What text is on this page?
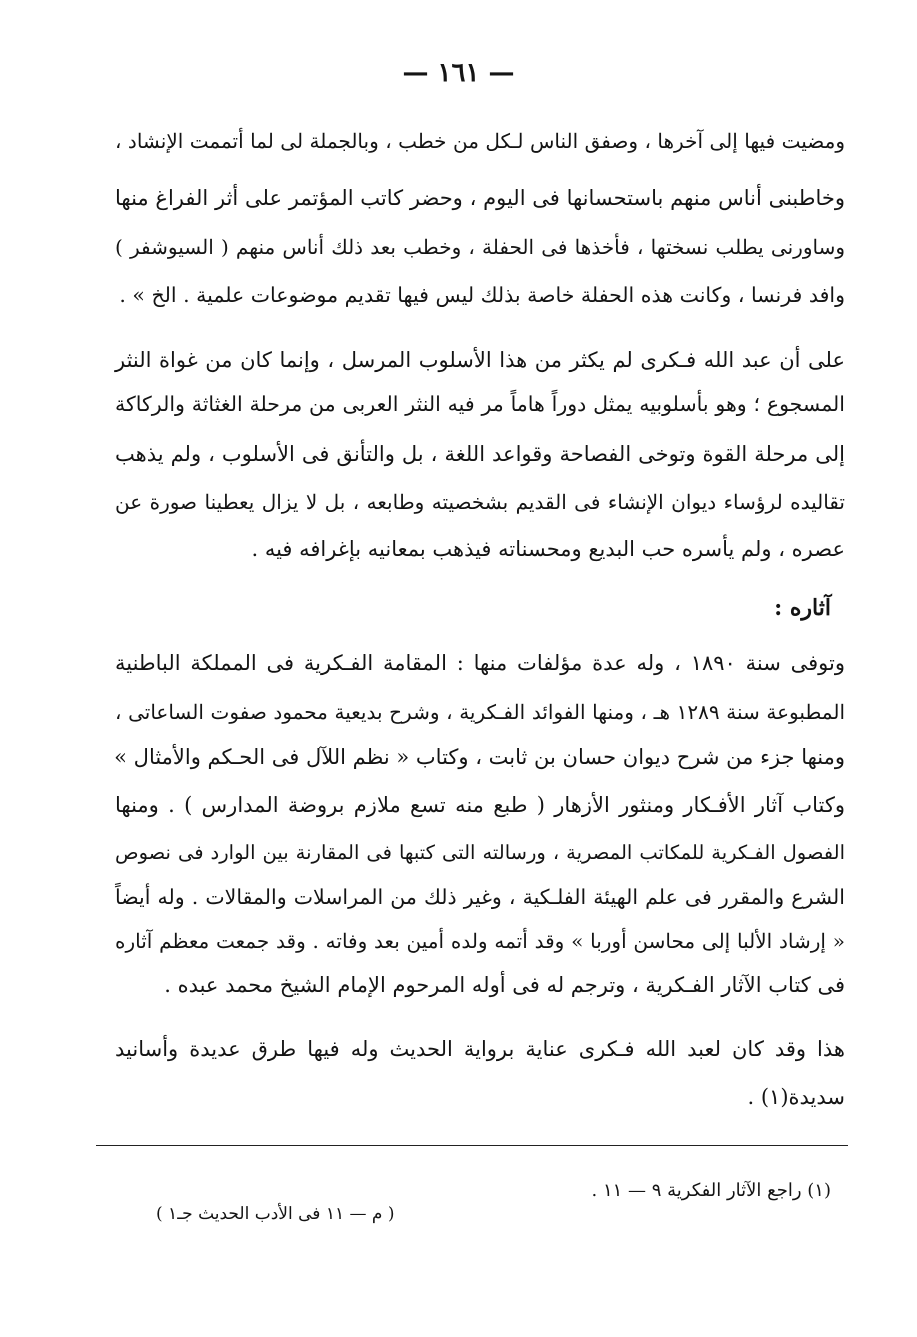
— ١٦١ —
ومضيت فيها إلى آخرها ، وصفق الناس لـكل من خطب ، وبالجملة لى لما أتممت الإنشاد ،
وخاطبنى أناس منهم باستحسانها فى اليوم ، وحضر كاتب المؤتمر على أثر الفراغ منها
وساورنى يطلب نسختها ، فأخذها فى الحفلة ، وخطب بعد ذلك أناس منهم ( السيوشفر )
وافد فرنسا ، وكانت هذه الحفلة خاصة بذلك ليس فيها تقديم موضوعات علمية . الخ » .
على أن عبد الله فـكرى لم يكثر من هذا الأسلوب المرسل ، وإنما كان من غواة النثر
المسجوع ؛ وهو بأسلوبيه يمثل دوراً هاماً مر فيه النثر العربى من مرحلة الغثاثة والركاكة
إلى مرحلة القوة وتوخى الفصاحة وقواعد اللغة ، بل والتأنق فى الأسلوب ، ولم يذهب
تقاليده لرؤساء ديوان الإنشاء فى القديم بشخصيته وطابعه ، بل لا يزال يعطينا صورة عن
عصره ، ولم يأسره حب البديع ومحسناته فيذهب بمعانيه بإغرافه فيه .
آثاره :
وتوفى سنة ١٨٩٠ ، وله عدة مؤلفات منها : المقامة الفـكرية فى المملكة الباطنية
المطبوعة سنة ١٢٨٩ هـ ، ومنها الفوائد الفـكرية ، وشرح بديعية محمود صفوت الساعاتى ،
ومنها جزء من شرح ديوان حسان بن ثابت ، وكتاب « نظم اللآل فى الحـكم والأمثال »
وكتاب آثار الأفـكار ومنثور الأزهار ( طبع منه تسع ملازم بروضة المدارس ) . ومنها
الفصول الفـكرية للمكاتب المصرية ، ورسالته التى كتبها فى المقارنة بين الوارد فى نصوص
الشرع والمقرر فى علم الهيئة الفلـكية ، وغير ذلك من المراسلات والمقالات . وله أيضاً
« إرشاد الألبا إلى محاسن أوربا » وقد أتمه ولده أمين بعد وفاته . وقد جمعت معظم آثاره
فى كتاب الآثار الفـكرية ، وترجم له فى أوله المرحوم الإمام الشيخ محمد عبده .
هذا وقد كان لعبد الله فـكرى عناية برواية الحديث وله فيها طرق عديدة وأسانيد
سديدة(١) .
(١) راجع الآثار الفكرية ٩ — ١١ .
( م — ١١ فى الأدب الحديث جـ١ )
